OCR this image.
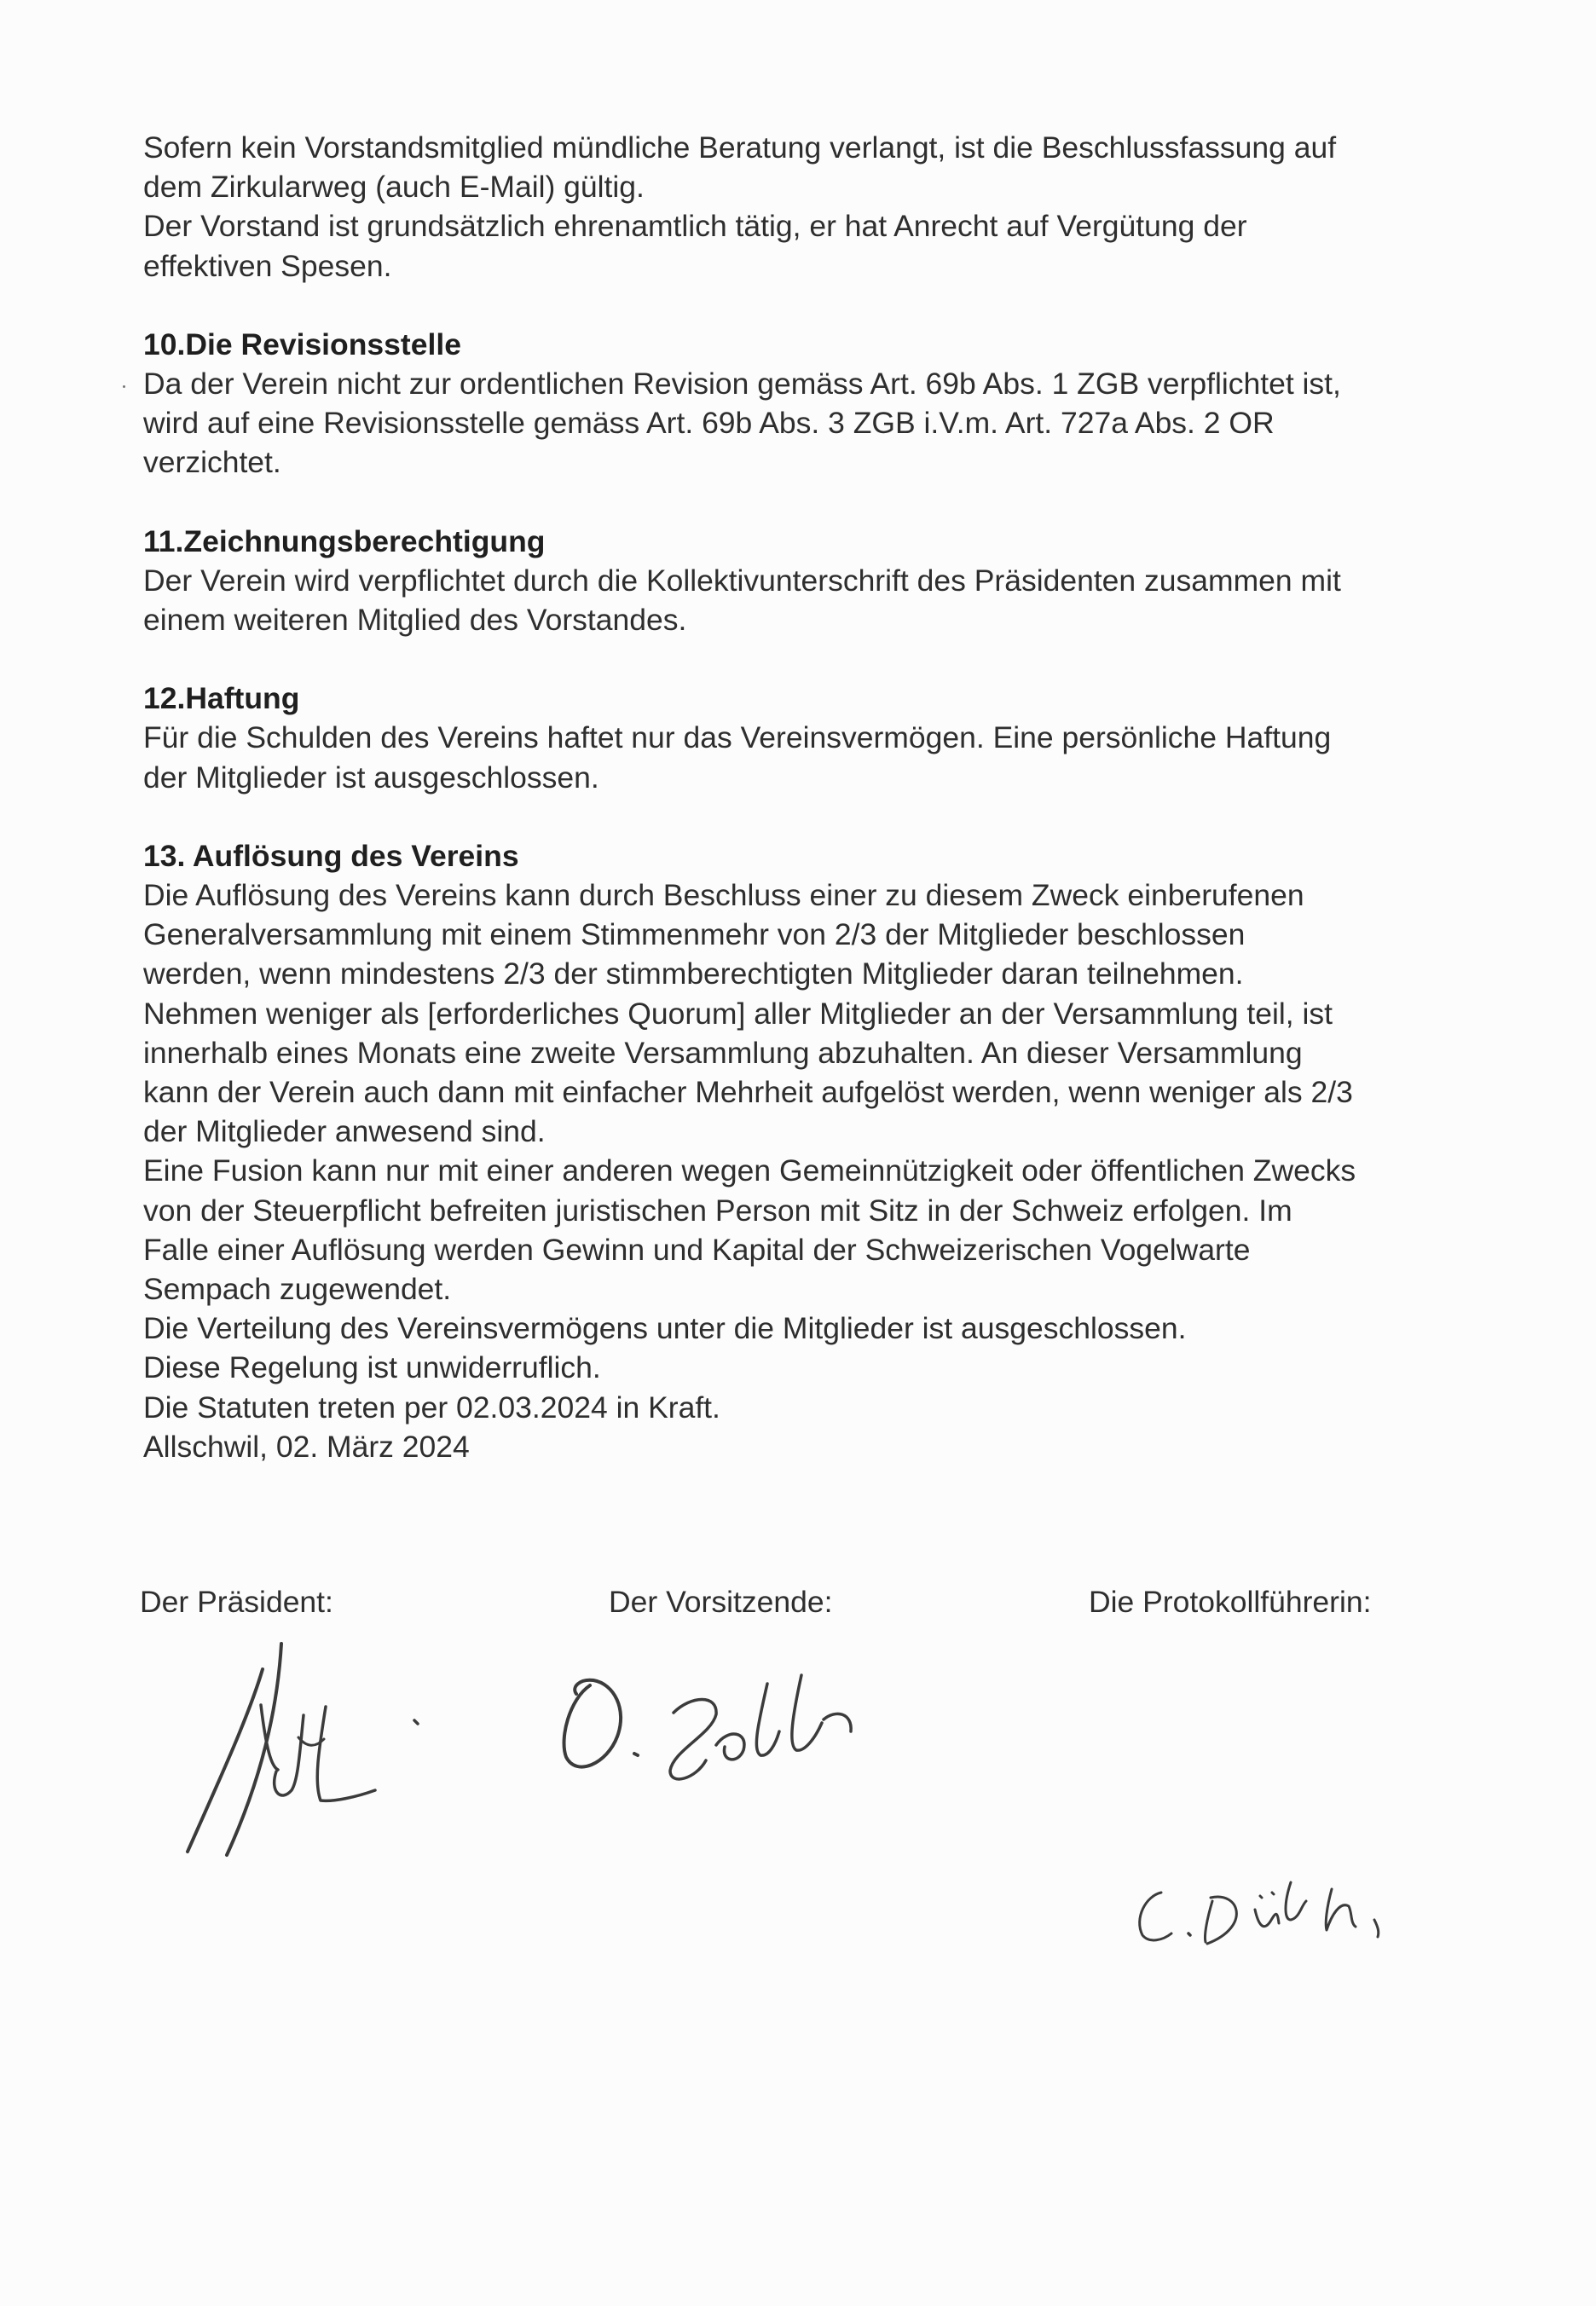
Sofern kein Vorstandsmitglied mündliche Beratung verlangt, ist die Beschlussfassung auf

dem Zirkularweg (auch E-Mail) gültig.

Der Vorstand ist grundsätzlich ehrenamtlich tätig, er hat Anrecht auf Vergütung der

effektiven Spesen.

10.Die Revisionsstelle

Da der Verein nicht zur ordentlichen Revision gemäss Art. 69b Abs. 1 ZGB verpflichtet ist,

wird auf eine Revisionsstelle gemäss Art. 69b Abs. 3 ZGB i.V.m. Art. 727a Abs. 2 OR

verzichtet.

11.Zeichnungsberechtigung

Der Verein wird verpflichtet durch die Kollektivunterschrift des Präsidenten zusammen mit

einem weiteren Mitglied des Vorstandes.

12.Haftung

Für die Schulden des Vereins haftet nur das Vereinsvermögen. Eine persönliche Haftung

der Mitglieder ist ausgeschlossen.

13. Auflösung des Vereins

Die Auflösung des Vereins kann durch Beschluss einer zu diesem Zweck einberufenen

Generalversammlung mit einem Stimmenmehr von 2/3 der Mitglieder beschlossen

werden, wenn mindestens 2/3 der stimmberechtigten Mitglieder daran teilnehmen.

Nehmen weniger als [erforderliches Quorum] aller Mitglieder an der Versammlung teil, ist

innerhalb eines Monats eine zweite Versammlung abzuhalten. An dieser Versammlung

kann der Verein auch dann mit einfacher Mehrheit aufgelöst werden, wenn weniger als 2/3

der Mitglieder anwesend sind.

Eine Fusion kann nur mit einer anderen wegen Gemeinnützigkeit oder öffentlichen Zwecks

von der Steuerpflicht befreiten juristischen Person mit Sitz in der Schweiz erfolgen. Im

Falle einer Auflösung werden Gewinn und Kapital der Schweizerischen Vogelwarte

Sempach zugewendet.

Die Verteilung des Vereinsvermögens unter die Mitglieder ist ausgeschlossen.

Diese Regelung ist unwiderruflich.

Die Statuten treten per 02.03.2024 in Kraft.

Allschwil, 02. März 2024

Der Präsident:	Der Vorsitzende:	Die Protokollführerin:
